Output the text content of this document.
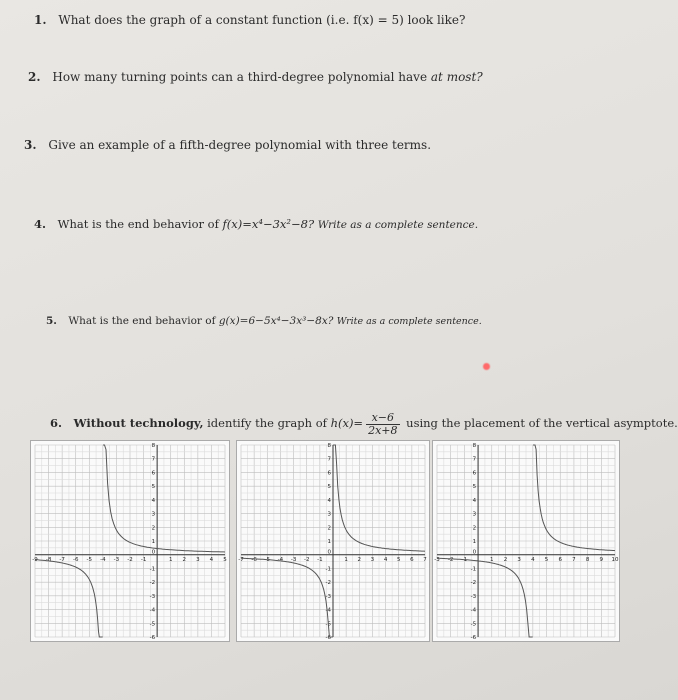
1. What does the graph of a constant function (i.e. f(x) = 5) look like?
2. How many turning points can a third-degree polynomial have at most?
3. Give an example of a fifth-degree polynomial with three terms.
4. What is the end behavior of f(x)=x⁴−3x²−8? Write as a complete sentence.
5. What is the end behavior of g(x)=6−5x⁴−3x³−8x? Write as a complete sentence.
6. Without technology, identify the graph of $h(x)= \frac{x-6}{2x+8}$ using the placement of the vertical asymptote.
-9 -8 -7 -6 -5 -4 -3 -2 -1	1 2 3 4 5
8
7
6
5
4
3
2
1
-1
-2
-3
-4
-5
-6
0
-7 -6 -5 -4 -3 -2 -1	1 2 3 4 5 6 7
8
7
6
5
4
3
2
1
-1
-2
-3
-4
-5
-6
0
-3 -2 -1	1 2 3 4 5 6 7 8 9 10
8
7
6
5
4
3
2
1
-1
-2
-3
-4
-5
-6
0
